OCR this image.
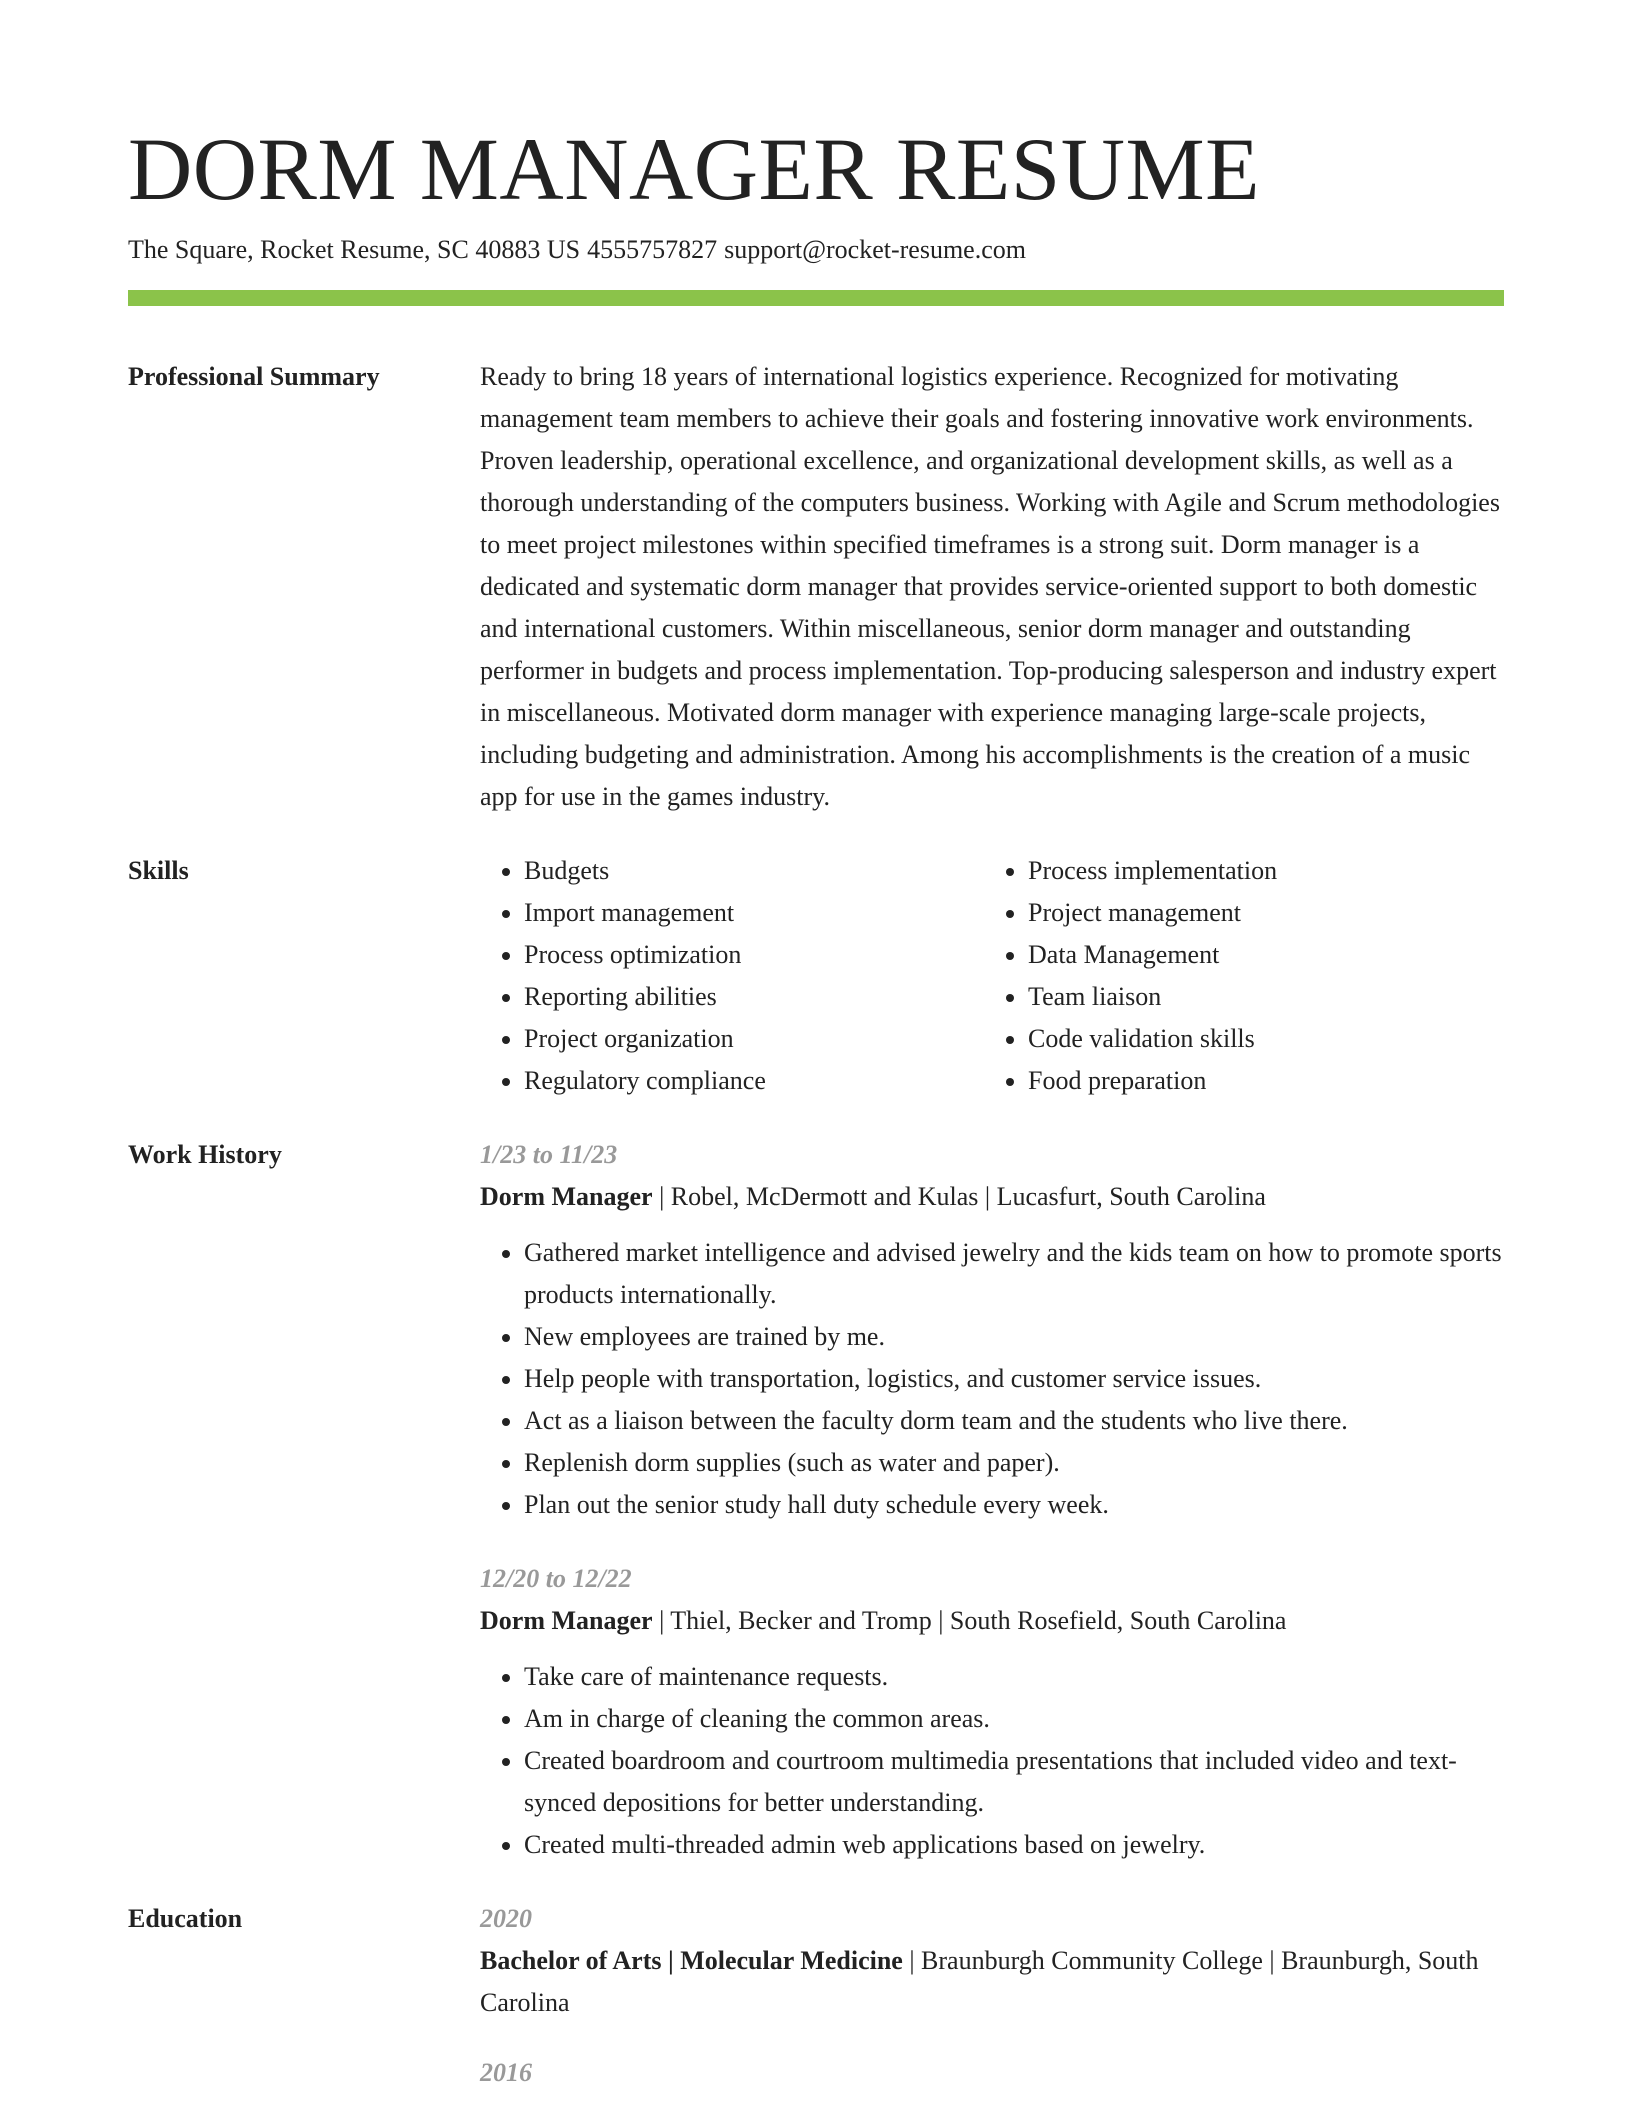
DORM MANAGER RESUME
The Square, Rocket Resume, SC 40883 US 4555757827 support@rocket-resume.com
Professional Summary	Ready to bring 18 years of international logistics experience. Recognized for motivating management team members to achieve their goals and fostering innovative work environments. Proven leadership, operational excellence, and organizational development skills, as well as a thorough understanding of the computers business. Working with Agile and Scrum methodologies to meet project milestones within specified timeframes is a strong suit. Dorm manager is a dedicated and systematic dorm manager that provides service-oriented support to both domestic and international customers. Within miscellaneous, senior dorm manager and outstanding performer in budgets and process implementation. Top-producing salesperson and industry expert in miscellaneous. Motivated dorm manager with experience managing large-scale projects, including budgeting and administration. Among his accomplishments is the creation of a music app for use in the games industry.
Skills
•	Budgets
• Import management
• Process optimization
• Reporting abilities
• Project organization
• Regulatory compliance
• Process implementation
• Project management
• Data Management
• Team liaison
• Code validation skills
• Food preparation
Work History	1/23 to 11/23
Dorm Manager | Robel, McDermott and Kulas | Lucasfurt, South Carolina
• Gathered market intelligence and advised jewelry and the kids team on how to promote sports products internationally.
• New employees are trained by me.
• Help people with transportation, logistics, and customer service issues.
• Act as a liaison between the faculty dorm team and the students who live there.
• Replenish dorm supplies (such as water and paper).
• Plan out the senior study hall duty schedule every week.
12/20 to 12/22
Dorm Manager | Thiel, Becker and Tromp | South Rosefield, South Carolina
• Take care of maintenance requests.
• Am in charge of cleaning the common areas.
• Created boardroom and courtroom multimedia presentations that included video and text-synced depositions for better understanding.
• Created multi-threaded admin web applications based on jewelry.
Education	2020
Bachelor of Arts | Molecular Medicine | Braunburgh Community College | Braunburgh, South Carolina
2016
